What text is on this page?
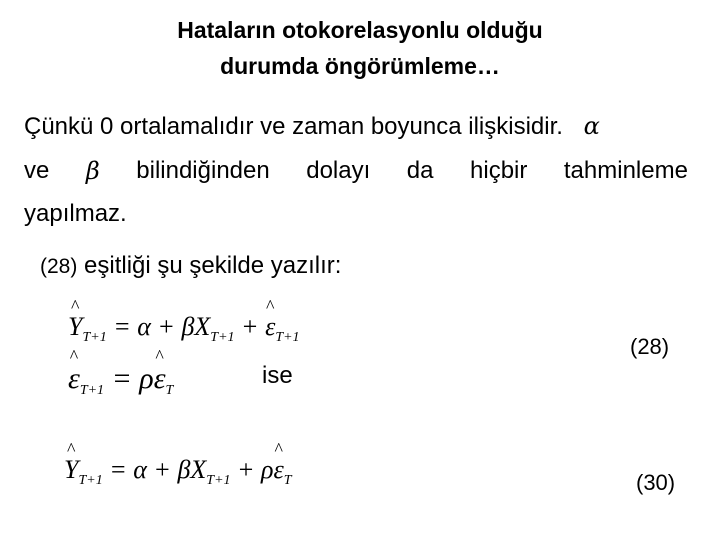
Hataların otokorelasyonlu olduğu
durumda öngörümleme…
Çünkü 0 ortalamalıdır ve zaman boyunca ilişkisidir. α
ve β bilindiğinden dolayı da hiçbir tahminleme
yapılmaz.
(28) eşitliği şu şekilde yazılır:
^ $Y_{T+1} = \alpha + \beta X_{T+1}$ + ^ $\varepsilon_{T+1}$	(28)
^ $\varepsilon_{T+1}$ = ρ^ $\varepsilon_T$
ise
^ $Y_{T+1} = \alpha + \beta X_{T+1}$ + ρ^ $\varepsilon_T$	(30)
